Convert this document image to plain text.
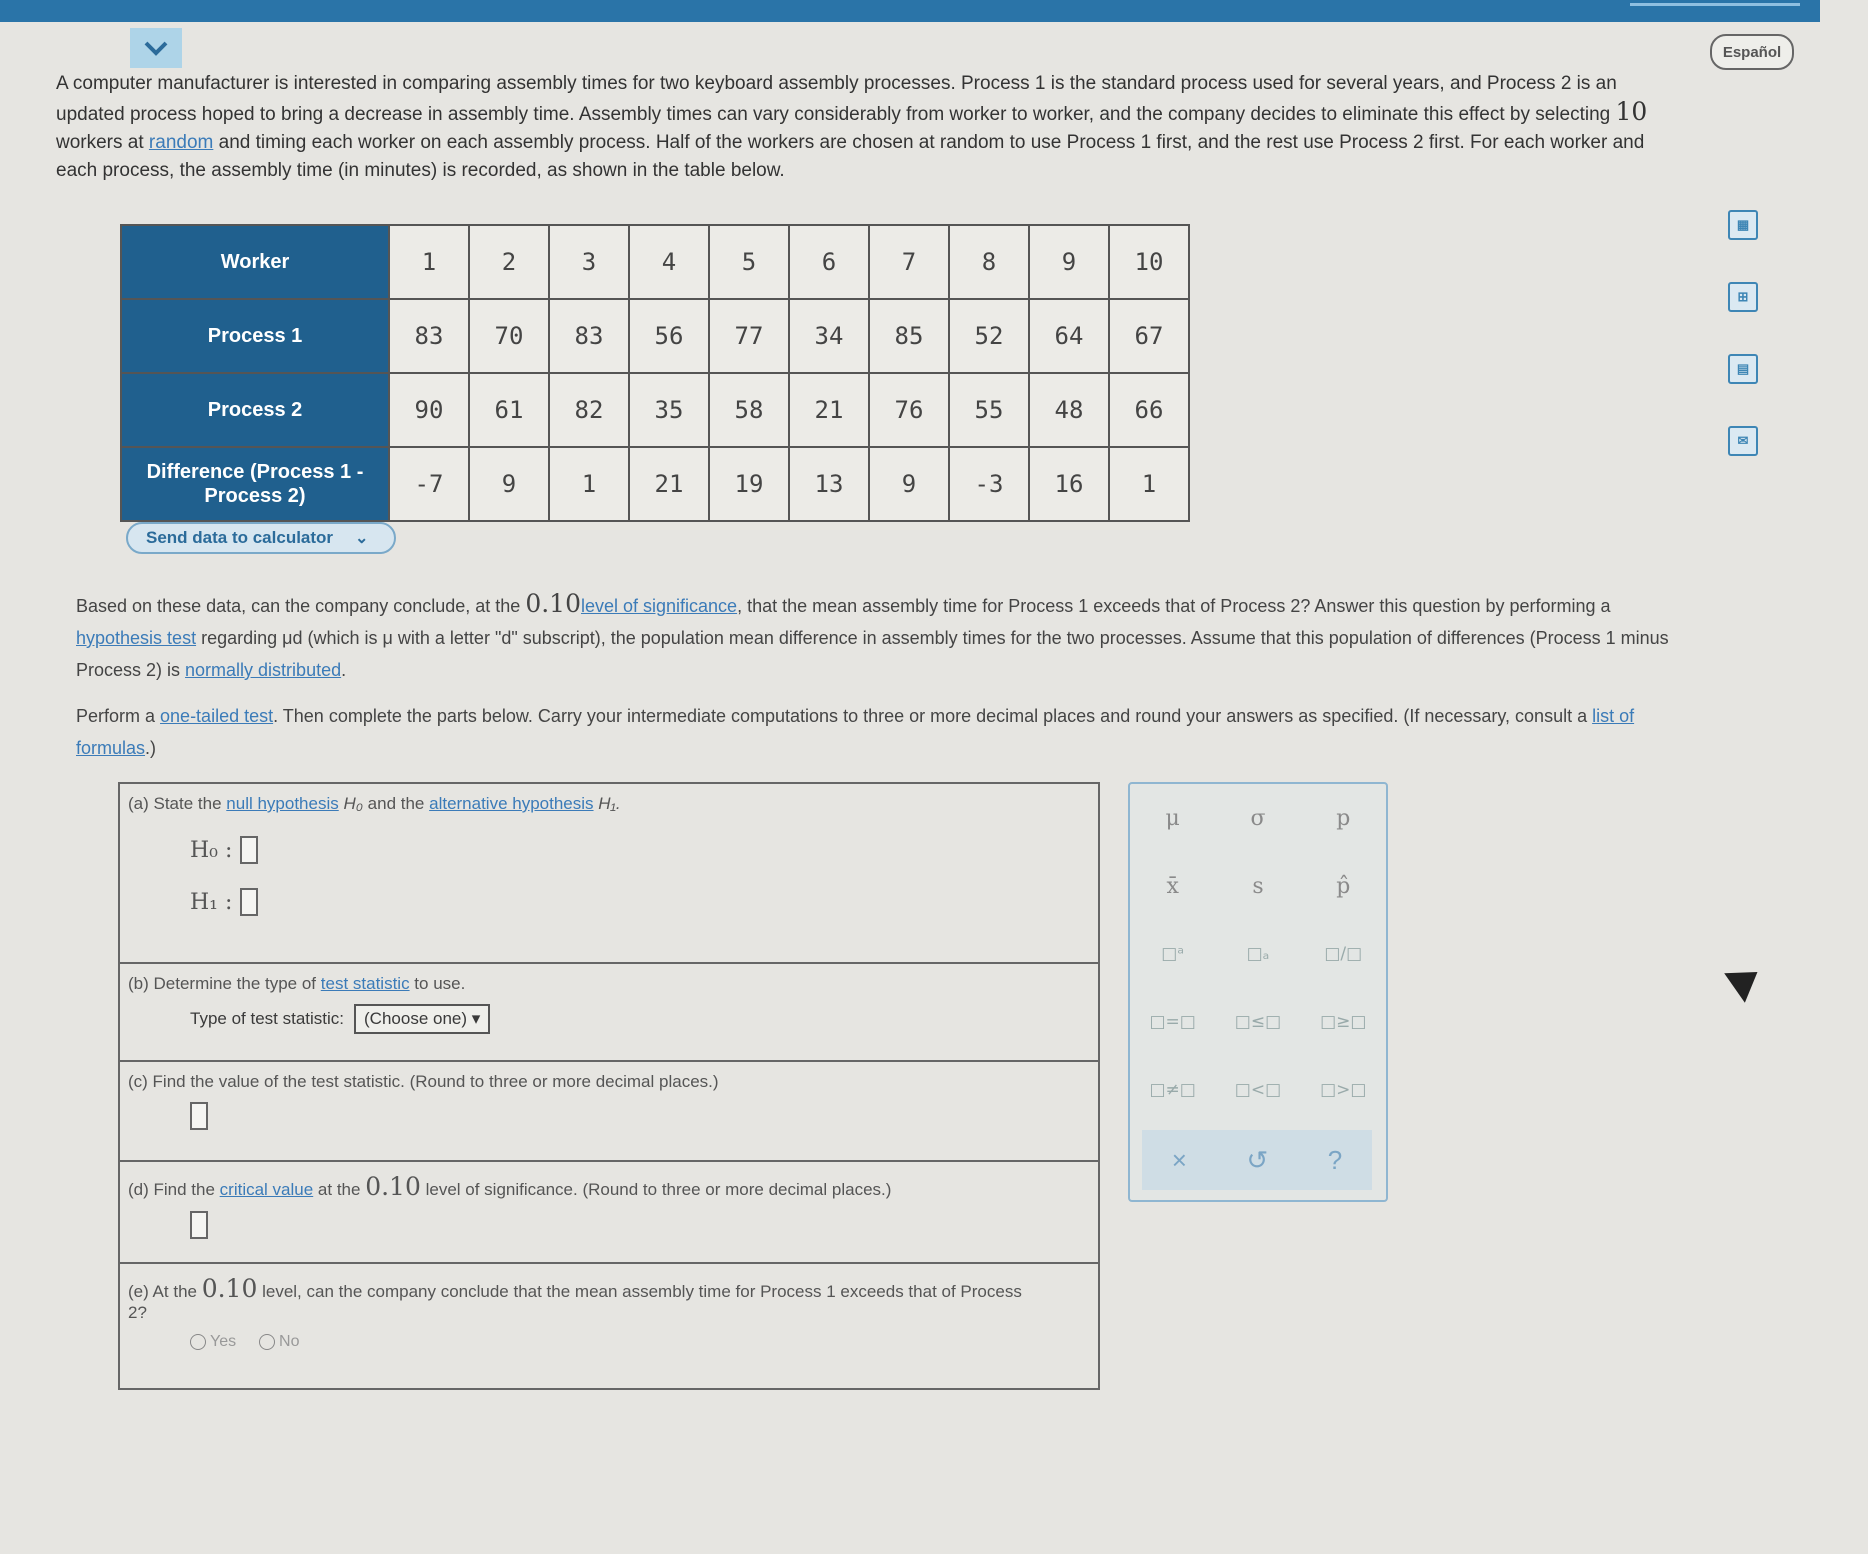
Español
A computer manufacturer is interested in comparing assembly times for two keyboard assembly processes. Process 1 is the standard process used for several years, and Process 2 is an updated process hoped to bring a decrease in assembly time. Assembly times can vary considerably from worker to worker, and the company decides to eliminate this effect by selecting 10 workers at random and timing each worker on each assembly process. Half of the workers are chosen at random to use Process 1 first, and the rest use Process 2 first. For each worker and each process, the assembly time (in minutes) is recorded, as shown in the table below.
▦
⊞
▤
✉
Worker	1	2	3	4	5	6	7	8	9	10
Process 1	83	70	83	56	77	34	85	52	64	67
Process 2	90	61	82	35	58	21	76	55	48	66
Difference (Process 1 - Process 2)	-7	9	1	21	19	13	9	-3	16	1
Send data to calculator ⌄
Based on these data, can the company conclude, at the 0.10level of significance, that the mean assembly time for Process 1 exceeds that of Process 2? Answer this question by performing a hypothesis test regarding μd (which is μ with a letter "d" subscript), the population mean difference in assembly times for the two processes. Assume that this population of differences (Process 1 minus Process 2) is normally distributed.
Perform a one-tailed test. Then complete the parts below. Carry your intermediate computations to three or more decimal places and round your answers as specified. (If necessary, consult a list of formulas.)
(a) State the null hypothesis H₀ and the alternative hypothesis H₁.
H₀ :
H₁ :
(b) Determine the type of test statistic to use.
Type of test statistic: (Choose one) ▾
(c) Find the value of the test statistic. (Round to three or more decimal places.)
(d) Find the critical value at the 0.10 level of significance. (Round to three or more decimal places.)
(e) At the 0.10 level, can the company conclude that the mean assembly time for Process 1 exceeds that of Process 2?
Yes	No
μ	σ	p
x̄	s	p̂
□ᵃ	□ₐ	□/□
□=□	□≤□	□≥□
□≠□	□<□	□>□
× ↺ ?
